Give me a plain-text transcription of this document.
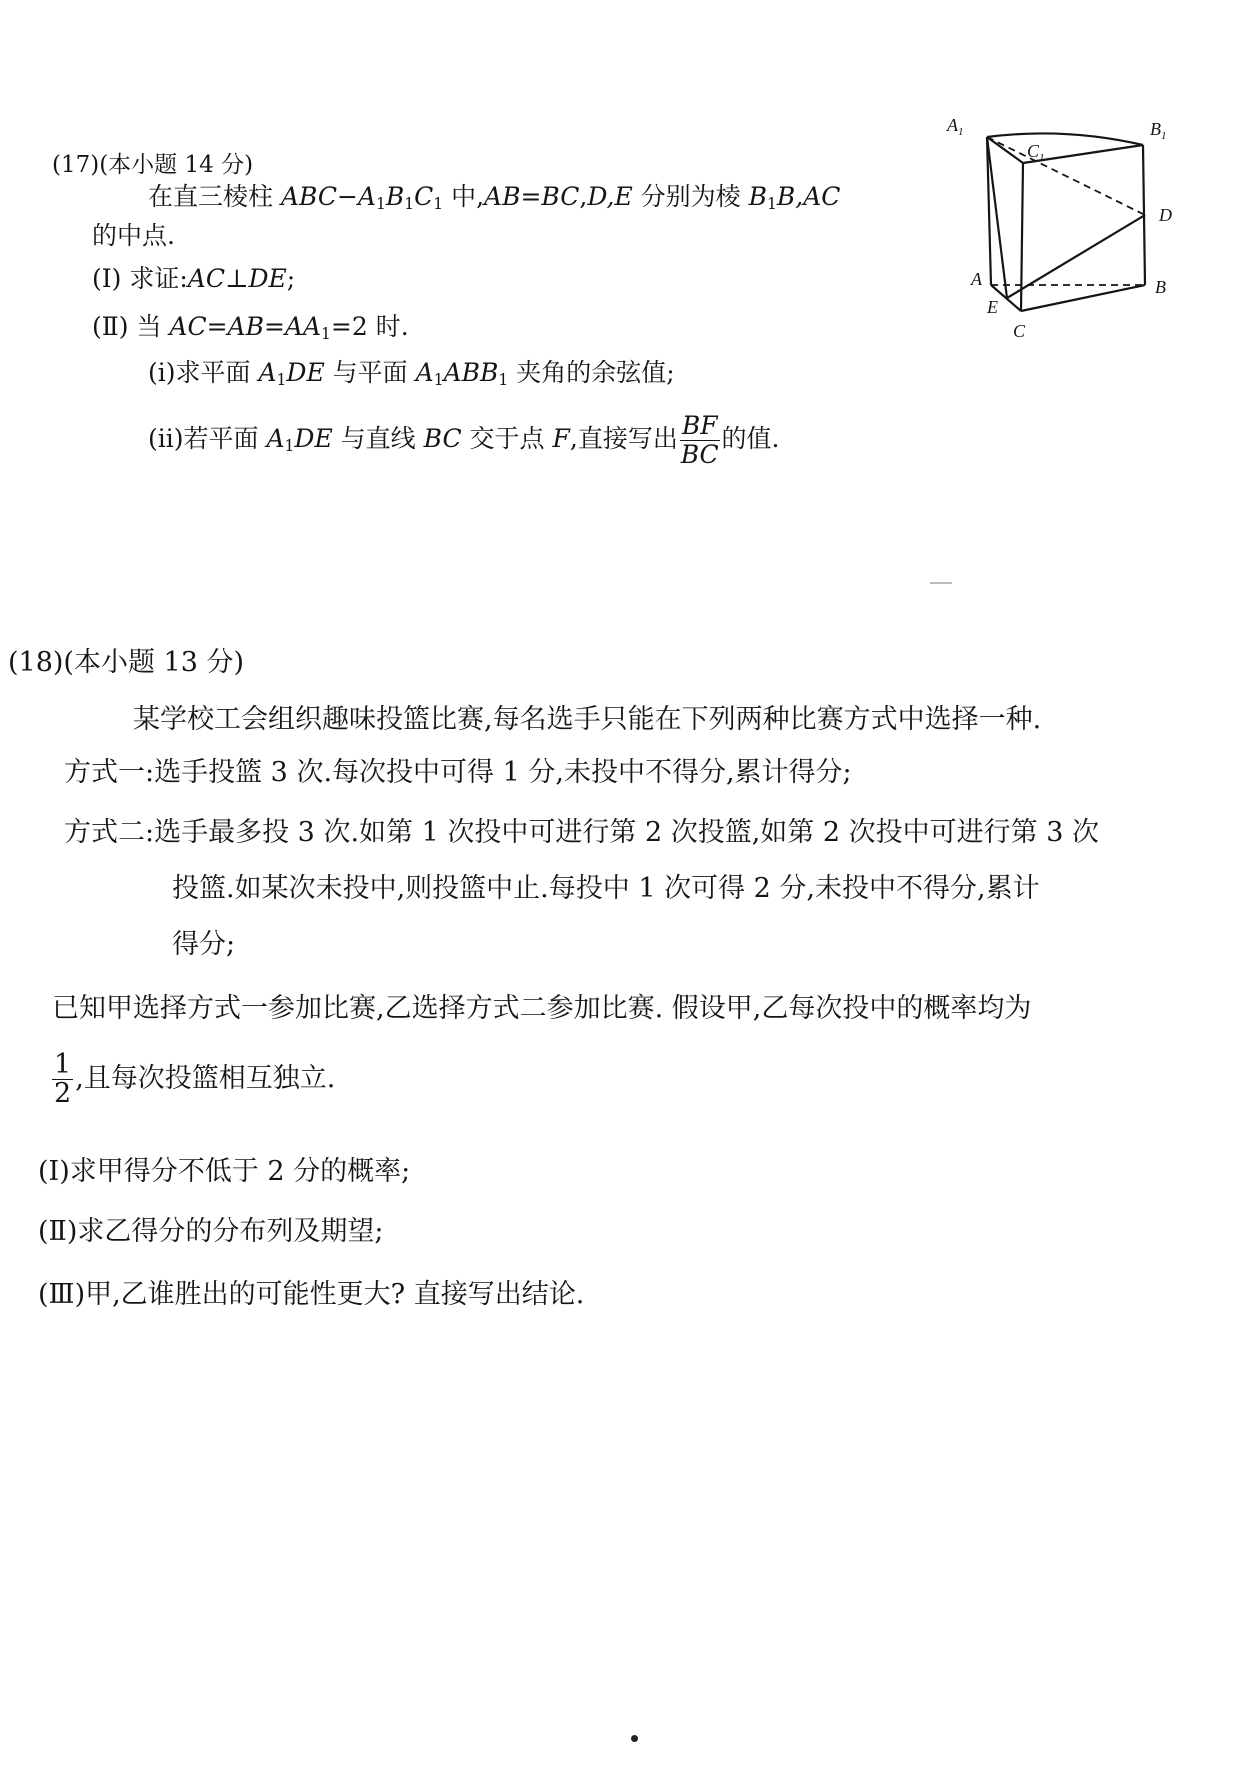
(17)(本小题 14 分)
在直三棱柱 $ABC-A_1B_1C_1$ 中,AB=BC,D,E 分别为棱 $B_1B,AC$
的中点.
(Ⅰ) 求证:AC⊥DE;
(Ⅱ) 当 $AC=AB=AA_1=2$ 时.
(ⅰ)求平面 $A_1DE$ 与平面 $A_1ABB_1$ 夹角的余弦值;
(ⅱ)若平面 $A_1DE$ 与直线 BC 交于点 F,直接写出 $\frac{BF}{BC}$ 的值.
$A_1$	$B_1$
$C_1$
D
A
E
B
C
(18)(本小题 13 分)
某学校工会组织趣味投篮比赛,每名选手只能在下列两种比赛方式中选择一种.
方式一:选手投篮 3 次.每次投中可得 1 分,未投中不得分,累计得分;
方式二:选手最多投 3 次.如第 1 次投中可进行第 2 次投篮,如第 2 次投中可进行第 3 次
投篮.如某次未投中,则投篮中止.每投中 1 次可得 2 分,未投中不得分,累计
得分;
已知甲选择方式一参加比赛,乙选择方式二参加比赛. 假设甲,乙每次投中的概率均为
$\frac{1}{2}$ ,且每次投篮相互独立.
(Ⅰ)求甲得分不低于 2 分的概率;
(Ⅱ)求乙得分的分布列及期望;
(Ⅲ)甲,乙谁胜出的可能性更大? 直接写出结论.
